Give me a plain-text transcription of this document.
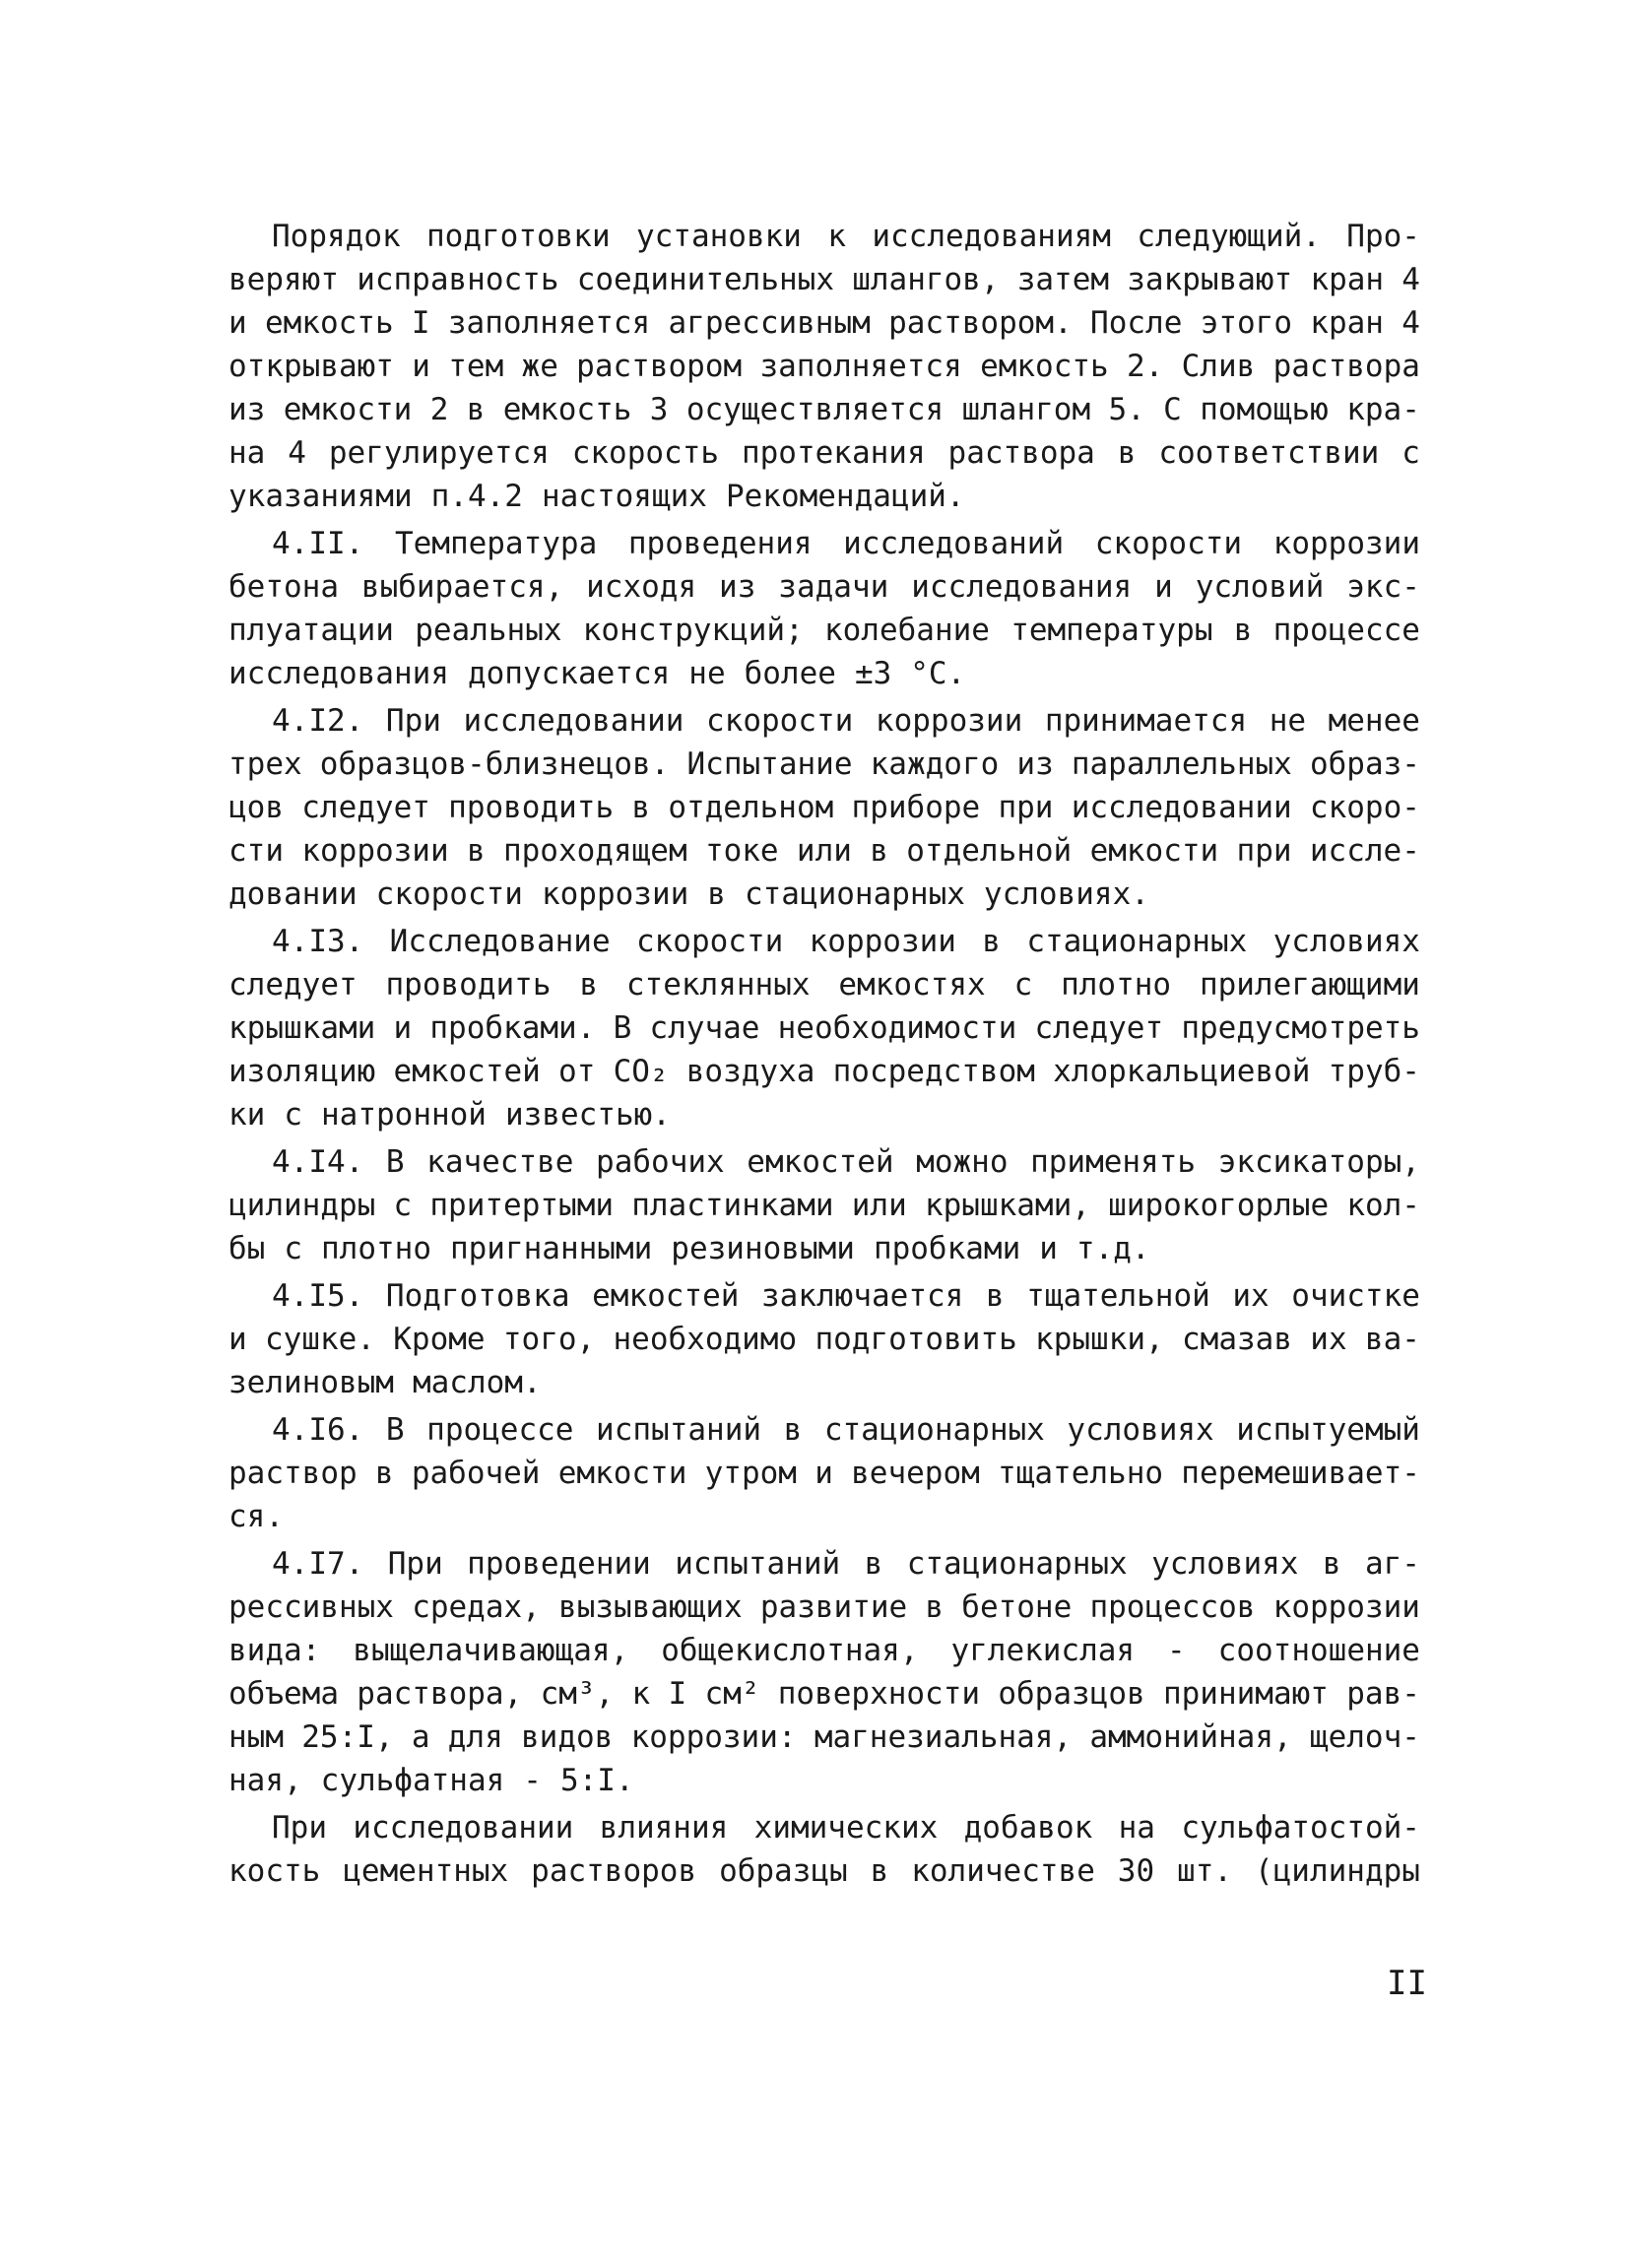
Порядок подготовки установки к исследованиям следующий. Про-
веряют исправность соединительных шлангов, затем закрывают кран 4
и емкость I заполняется агрессивным раствором. После этого кран 4
открывают и тем же раствором заполняется емкость 2. Слив раствора
из емкости 2 в емкость 3 осуществляется шлангом 5. С помощью кра-
на 4 регулируется скорость протекания раствора в соответствии с
указаниями п.4.2 настоящих Рекомендаций.
4.II. Температура проведения исследований скорости коррозии
бетона выбирается, исходя из задачи исследования и условий экс-
плуатации реальных конструкций; колебание температуры в процессе
исследования допускается не более ±3 °С.
4.I2. При исследовании скорости коррозии принимается не менее
трех образцов-близнецов. Испытание каждого из параллельных образ-
цов следует проводить в отдельном приборе при исследовании скоро-
сти коррозии в проходящем токе или в отдельной емкости при иссле-
довании скорости коррозии в стационарных условиях.
4.I3. Исследование скорости коррозии в стационарных условиях
следует проводить в стеклянных емкостях с плотно прилегающими
крышками и пробками. В случае необходимости следует предусмотреть
изоляцию емкостей от CO₂ воздуха посредством хлоркальциевой труб-
ки с натронной известью.
4.I4. В качестве рабочих емкостей можно применять эксикаторы,
цилиндры с притертыми пластинками или крышками, широкогорлые кол-
бы с плотно пригнанными резиновыми пробками и т.д.
4.I5. Подготовка емкостей заключается в тщательной их очистке
и сушке. Кроме того, необходимо подготовить крышки, смазав их ва-
зелиновым маслом.
4.I6. В процессе испытаний в стационарных условиях испытуемый
раствор в рабочей емкости утром и вечером тщательно перемешивает-
ся.
4.I7. При проведении испытаний в стационарных условиях в аг-
рессивных средах, вызывающих развитие в бетоне процессов коррозии
вида: выщелачивающая, общекислотная, углекислая - соотношение
объема раствора, см³, к I см² поверхности образцов принимают рав-
ным 25:I, а для видов коррозии: магнезиальная, аммонийная, щелоч-
ная, сульфатная - 5:I.
При исследовании влияния химических добавок на сульфатостой-
кость цементных растворов образцы в количестве 30 шт. (цилиндры
II
